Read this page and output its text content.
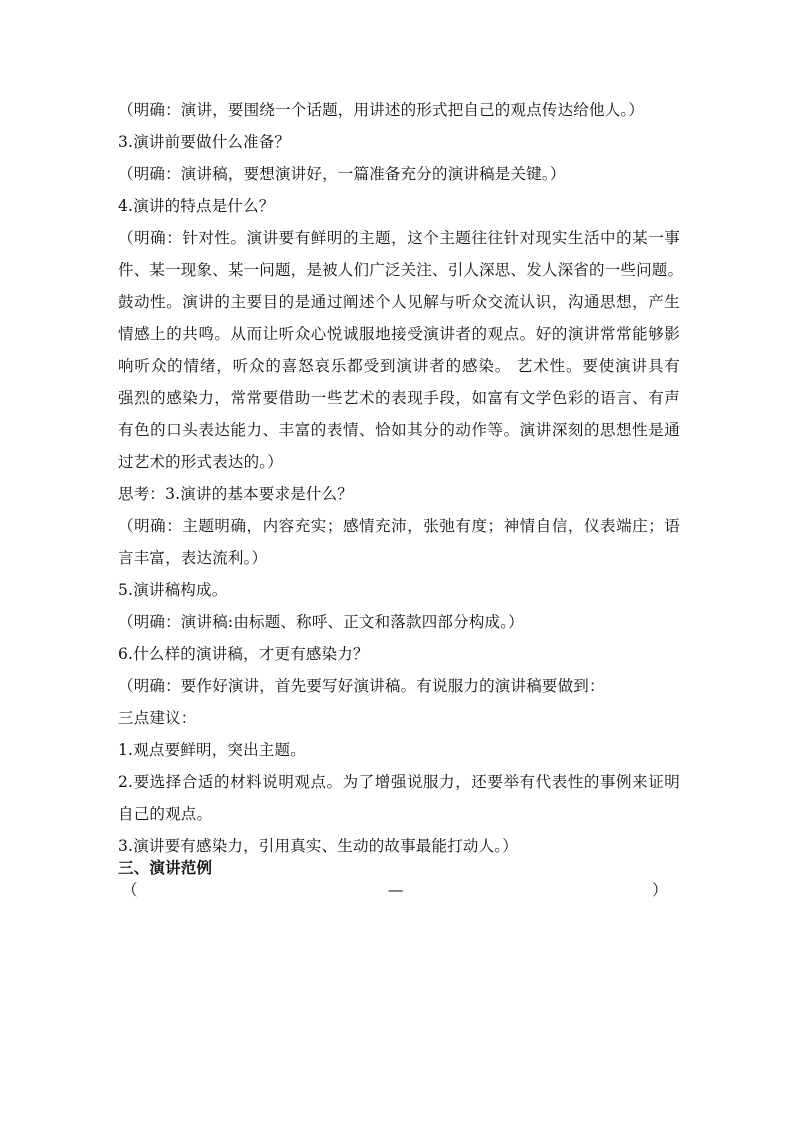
（明确：演讲，要围绕一个话题，用讲述的形式把自己的观点传达给他人。）
3.演讲前要做什么准备？
（明确：演讲稿，要想演讲好，一篇准备充分的演讲稿是关键。）
4.演讲的特点是什么？
（明确：针对性。演讲要有鲜明的主题，这个主题往往针对现实生活中的某一事
件、某一现象、某一问题，是被人们广泛关注、引人深思、发人深省的一些问题。
鼓动性。演讲的主要目的是通过阐述个人见解与听众交流认识，沟通思想，产生
情感上的共鸣。从而让听众心悦诚服地接受演讲者的观点。好的演讲常常能够影
响听众的情绪，听众的喜怒哀乐都受到演讲者的感染。 艺术性。要使演讲具有
强烈的感染力，常常要借助一些艺术的表现手段，如富有文学色彩的语言、有声
有色的口头表达能力、丰富的表情、恰如其分的动作等。演讲深刻的思想性是通
过艺术的形式表达的。）
思考：3.演讲的基本要求是什么？
（明确：主题明确，内容充实；感情充沛，张弛有度；神情自信，仪表端庄；语
言丰富，表达流利。）
5.演讲稿构成。
（明确：演讲稿:由标题、称呼、正文和落款四部分构成。）
6.什么样的演讲稿，才更有感染力？
（明确：要作好演讲，首先要写好演讲稿。有说服力的演讲稿要做到：
三点建议：
1.观点要鲜明，突出主题。
2.要选择合适的材料说明观点。为了增强说服力，还要举有代表性的事例来证明
自己的观点。
3.演讲要有感染力，引用真实、生动的故事最能打动人。）
三、演讲范例
（	—	）
